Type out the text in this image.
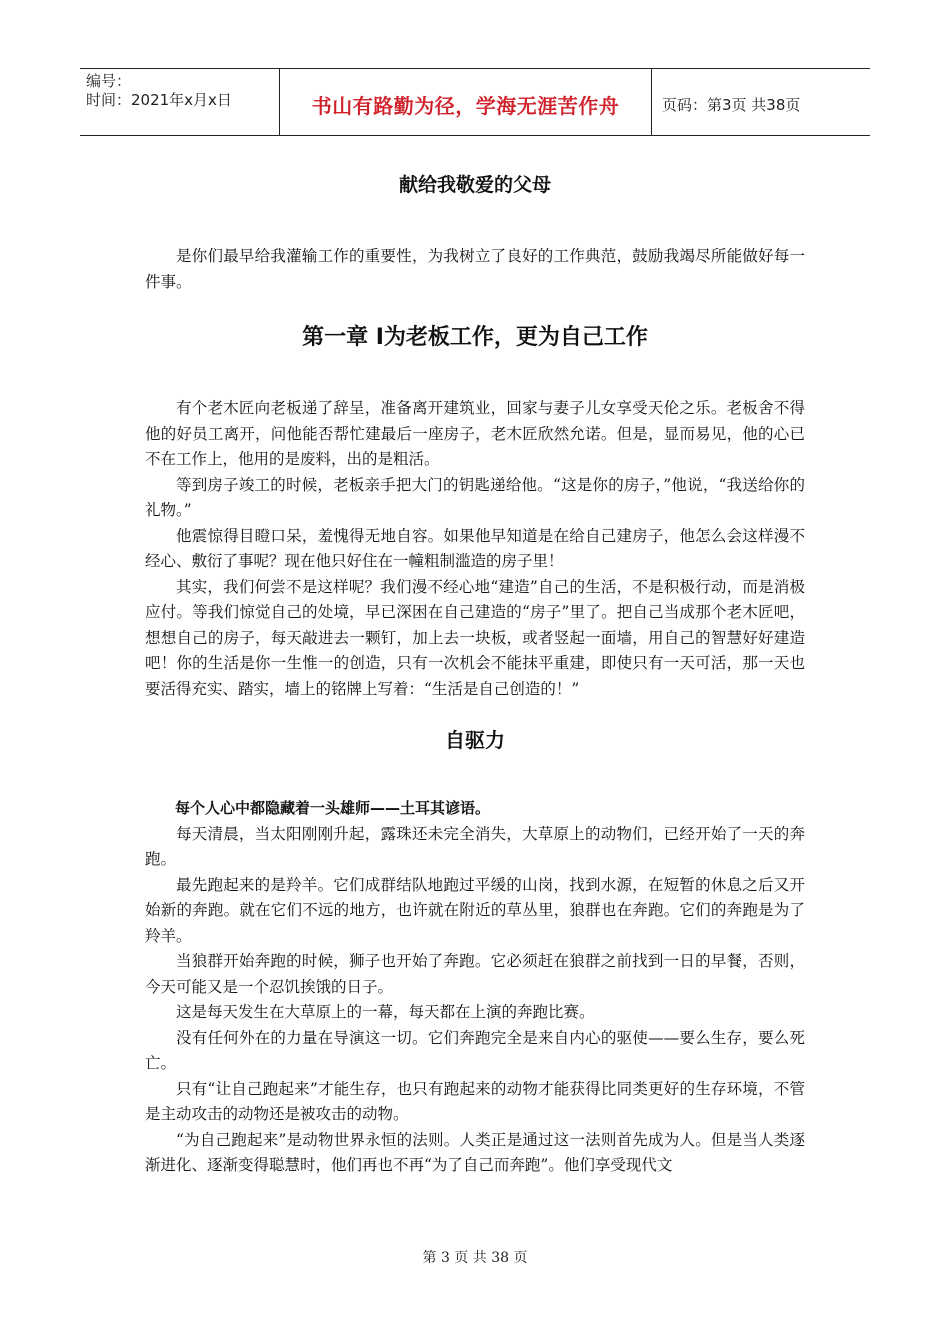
编号：
时间：2021年x月x日	书山有路勤为径，学海无涯苦作舟	页码：第3页 共38页
献给我敬爱的父母

是你们最早给我灌输工作的重要性，为我树立了良好的工作典范，鼓励我竭尽所能做好每一件事。

第一章 Ⅰ为老板工作，更为自己工作

有个老木匠向老板递了辞呈，准备离开建筑业，回家与妻子儿女享受天伦之乐。老板舍不得他的好员工离开，问他能否帮忙建最后一座房子，老木匠欣然允诺。但是，显而易见，他的心已不在工作上，他用的是废料，出的是粗活。

等到房子竣工的时候，老板亲手把大门的钥匙递给他。“这是你的房子，”他说，“我送给你的礼物。”

他震惊得目瞪口呆，羞愧得无地自容。如果他早知道是在给自己建房子，他怎么会这样漫不经心、敷衍了事呢？现在他只好住在一幢粗制滥造的房子里！

其实，我们何尝不是这样呢？我们漫不经心地“建造”自己的生活，不是积极行动，而是消极应付。等我们惊觉自己的处境，早已深困在自己建造的“房子”里了。把自己当成那个老木匠吧，想想自己的房子，每天敲进去一颗钉，加上去一块板，或者竖起一面墙，用自己的智慧好好建造吧！你的生活是你一生惟一的创造，只有一次机会不能抹平重建，即使只有一天可活，那一天也要活得充实、踏实，墙上的铭牌上写着：“生活是自己创造的！”

自驱力

每个人心中都隐藏着一头雄师——土耳其谚语。

每天清晨，当太阳刚刚升起，露珠还未完全消失，大草原上的动物们，已经开始了一天的奔跑。

最先跑起来的是羚羊。它们成群结队地跑过平缓的山岗，找到水源，在短暂的休息之后又开始新的奔跑。就在它们不远的地方，也许就在附近的草丛里，狼群也在奔跑。它们的奔跑是为了羚羊。

当狼群开始奔跑的时候，狮子也开始了奔跑。它必须赶在狼群之前找到一日的早餐，否则，今天可能又是一个忍饥挨饿的日子。

这是每天发生在大草原上的一幕，每天都在上演的奔跑比赛。

没有任何外在的力量在导演这一切。它们奔跑完全是来自内心的驱使——要么生存，要么死亡。

只有“让自己跑起来”才能生存，也只有跑起来的动物才能获得比同类更好的生存环境，不管是主动攻击的动物还是被攻击的动物。

“为自己跑起来”是动物世界永恒的法则。人类正是通过这一法则首先成为人。但是当人类逐渐进化、逐渐变得聪慧时，他们再也不再“为了自己而奔跑”。他们享受现代文

第 3 页 共 38 页
